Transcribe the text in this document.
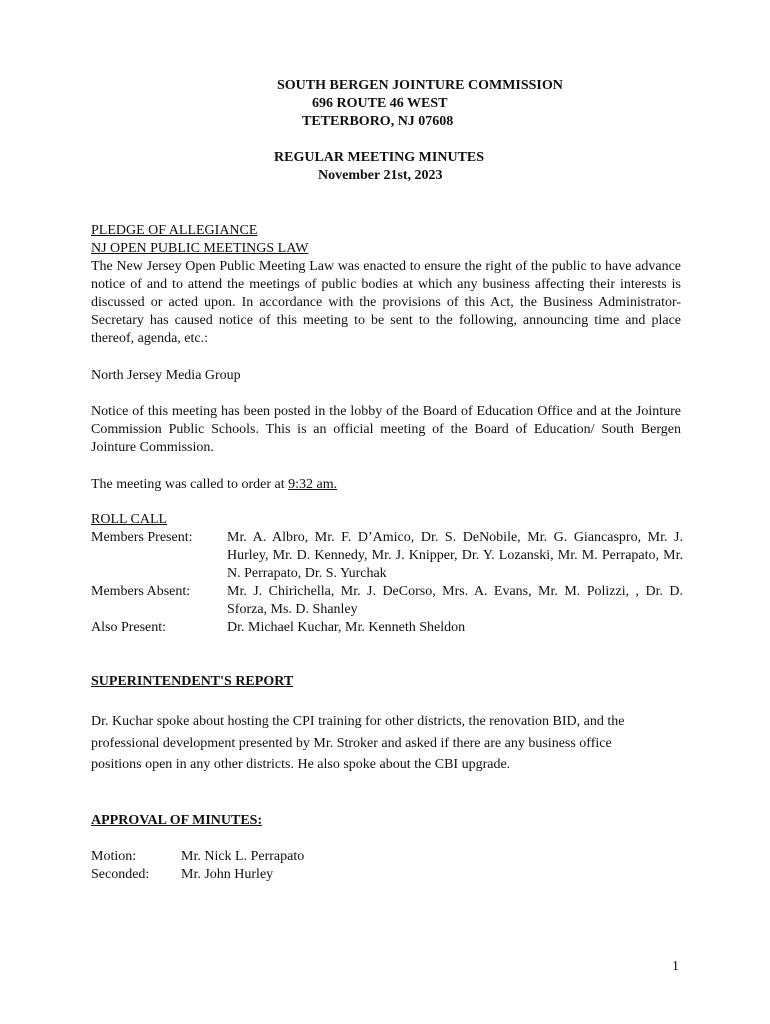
SOUTH BERGEN JOINTURE COMMISSION
696 ROUTE 46 WEST
TETERBORO, NJ 07608
REGULAR MEETING MINUTES
November 21st, 2023
PLEDGE OF ALLEGIANCE
NJ OPEN PUBLIC MEETINGS LAW
The New Jersey Open Public Meeting Law was enacted to ensure the right of the public to have advance notice of and to attend the meetings of public bodies at which any business affecting their interests is discussed or acted upon. In accordance with the provisions of this Act, the Business Administrator-Secretary has caused notice of this meeting to be sent to the following, announcing time and place thereof, agenda, etc.:
North Jersey Media Group
Notice of this meeting has been posted in the lobby of the Board of Education Office and at the Jointure Commission Public Schools. This is an official meeting of the Board of Education/ South Bergen Jointure Commission.
The meeting was called to order at 9:32 am.
ROLL CALL
Members Present: Mr. A. Albro, Mr. F. D’Amico, Dr. S. DeNobile, Mr. G. Giancaspro, Mr. J. Hurley, Mr. D. Kennedy, Mr. J. Knipper, Dr. Y. Lozanski, Mr. M. Perrapato, Mr. N. Perrapato, Dr. S. Yurchak
Members Absent:	Mr. J. Chirichella, Mr. J. DeCorso, Mrs. A. Evans, Mr. M. Polizzi, , Dr. D. Sforza, Ms. D. Shanley
Also Present:	Dr. Michael Kuchar, Mr. Kenneth Sheldon
SUPERINTENDENT'S REPORT
Dr. Kuchar spoke about hosting the CPI training for other districts, the renovation BID, and the
professional development presented by Mr. Stroker and asked if there are any business office
positions open in any other districts. He also spoke about the CBI upgrade.
APPROVAL OF MINUTES:
Motion:	Mr. Nick L. Perrapato
Seconded: Mr. John Hurley
1
